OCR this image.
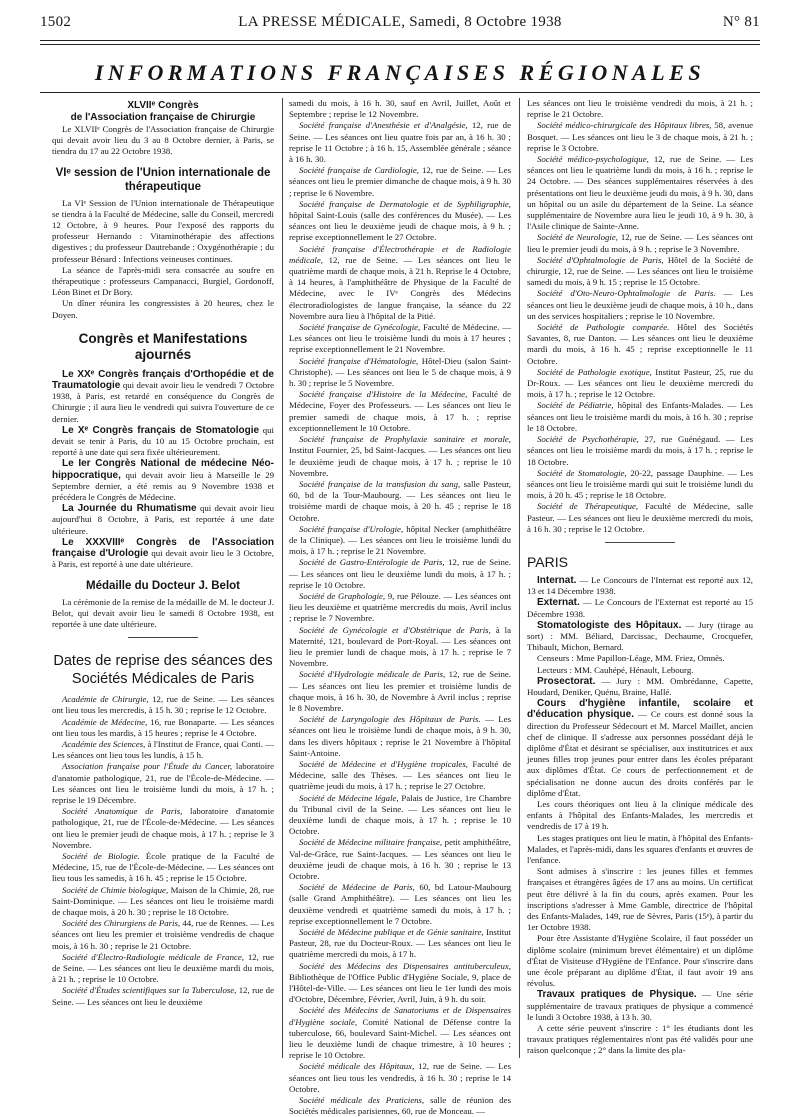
1502	LA PRESSE MÉDICALE, Samedi, 8 Octobre 1938	N° 81
INFORMATIONS FRANÇAISES RÉGIONALES
XLVIIᵉ Congrès
de l'Association française de Chirurgie

Le XLVIIᵉ Congrès de l'Association française de Chirurgie qui devait avoir lieu du 3 au 8 Octobre dernier, à Paris, se tiendra du 17 au 22 Octobre 1938.

VIᵉ session de l'Union internationale de thérapeutique

La VIᵉ Session de l'Union internationale de Thérapeutique se tiendra à la Faculté de Médecine, salle du Conseil, mercredi 12 Octobre, à 9 heures. Pour l'exposé des rapports du professeur Hernando : Vitaminothérapie des affections digestives ; du professeur Dautrebande : Oxygénothérapie ; du professeur Bénard : Infections veineuses continues.

La séance de l'après-midi sera consacrée au soufre en thérapeutique : professeurs Campanacci, Burgiel, Gordonoff, Léon Binet et Dr Bory.

Un dîner réunira les congressistes à 20 heures, chez le Doyen.

Congrès et Manifestations ajournés

Le XXᵉ Congrès français d'Orthopédie et de Traumatologie qui devait avoir lieu le vendredi 7 Octobre 1938, à Paris, est retardé en conséquence du Congrès de Chirurgie ; il aura lieu le vendredi qui suivra l'ouverture de ce dernier.

Le Xᵉ Congrès français de Stomatologie qui devait se tenir à Paris, du 10 au 15 Octobre prochain, est reporté à une date qui sera fixée ultérieurement.

Le Ier Congrès National de médecine Néo-hippocratique, qui devait avoir lieu à Marseille le 29 Septembre dernier, a été remis au 9 Novembre 1938 et précédera le Congrès de Médecine.

La Journée du Rhumatisme qui devait avoir lieu aujourd'hui 8 Octobre, à Paris, est reportée à une date ultérieure.

Le XXXVIIIᵉ Congrès de l'Association française d'Urologie qui devait avoir lieu le 3 Octobre, à Paris, est reporté à une date ultérieure.

Médaille du Docteur J. Belot

La cérémonie de la remise de la médaille de M. le docteur J. Belot, qui devait avoir lieu le samedi 8 Octobre 1938, est reportée à une date ultérieure.

Dates de reprise des séances des Sociétés Médicales de Paris

Académie de Chirurgie, 12, rue de Seine. — Les séances ont lieu tous les mercredis, à 15 h. 30 ; reprise le 12 Octobre.

Académie de Médecine, 16, rue Bonaparte. — Les séances ont lieu tous les mardis, à 15 heures ; reprise le 4 Octobre.

Académie des Sciences, à l'Institut de France, quai Conti. — Les séances ont lieu tous les lundis, à 15 h.

Association française pour l'Étude du Cancer, laboratoire d'anatomie pathologique, 21, rue de l'École-de-Médecine. — Les séances ont lieu le troisième lundi du mois, à 17 h. ; reprise le 19 Décembre.

Société Anatomique de Paris, laboratoire d'anatomie pathologique, 21, rue de l'École-de-Médecine. — Les séances ont lieu le premier jeudi de chaque mois, à 17 h. ; reprise le 3 Novembre.

Société de Biologie. École pratique de la Faculté de Médecine, 15, rue de l'École-de-Médecine. — Les séances ont lieu tous les samedis, à 16 h. 45 ; reprise le 15 Octobre.

Société de Chimie biologique, Maison de la Chimie, 28, rue Saint-Dominique. — Les séances ont lieu le troisième mardi de chaque mois, à 20 h. 30 ; reprise le 18 Octobre.

Société des Chirurgiens de Paris, 44, rue de Rennes. — Les séances ont lieu les premier et troisième vendredis de chaque mois, à 16 h. 30 ; reprise le 21 Octobre.

Société d'Électro-Radiologie médicale de France, 12, rue de Seine. — Les séances ont lieu le deuxième mardi du mois, à 21 h. ; reprise le 10 Octobre.

Société d'Études scientifiques sur la Tuberculose, 12, rue de Seine. — Les séances ont lieu le deuxième

samedi du mois, à 16 h. 30, sauf en Avril, Juillet, Août et Septembre ; reprise le 12 Novembre.

Société française d'Anesthésie et d'Analgésie, 12, rue de Seine. — Les séances ont lieu quatre fois par an, à 16 h. 30 ; reprise le 11 Octobre ; à 16 h. 15, Assemblée générale ; séance à 16 h. 30.

Société française de Cardiologie, 12, rue de Seine. — Les séances ont lieu le premier dimanche de chaque mois, à 9 h. 30 ; reprise le 6 Novembre.

Société française de Dermatologie et de Syphiligraphie, hôpital Saint-Louis (salle des conférences du Musée). — Les séances ont lieu le deuxième jeudi de chaque mois, à 9 h. ; reprise exceptionnellement le 27 Octobre.

Société française d'Électrothérapie et de Radiologie médicale, 12, rue de Seine. — Les séances ont lieu le quatrième mardi de chaque mois, à 21 h. Reprise le 4 Octobre, à 14 heures, à l'amphithéâtre de Physique de la Faculté de Médecine, avec le IVᵉ Congrès des Médecins électroradiologistes de langue française, la séance du 22 Novembre aura lieu à l'hôpital de la Pitié.

Société française de Gynécologie, Faculté de Médecine. — Les séances ont lieu le troisième lundi du mois à 17 heures ; reprise exceptionnellement le 21 Novembre.

Société française d'Hématologie, Hôtel-Dieu (salon Saint-Christophe). — Les séances ont lieu le 5 de chaque mois, à 9 h. 30 ; reprise le 5 Novembre.

Société française d'Histoire de la Médecine, Faculté de Médecine, Foyer des Professeurs. — Les séances ont lieu le premier samedi de chaque mois, à 17 h. ; reprise exceptionnellement le 10 Octobre.

Société française de Prophylaxie sanitaire et morale, Institut Fournier, 25, bd Saint-Jacques. — Les séances ont lieu le deuxième jeudi de chaque mois, à 17 h. ; reprise le 10 Novembre.

Société française de la transfusion du sang, salle Pasteur, 60, bd de la Tour-Maubourg. — Les séances ont lieu le troisième mardi de chaque mois, à 20 h. 45 ; reprise le 18 Octobre.

Société française d'Urologie, hôpital Necker (amphithéâtre de la Clinique). — Les séances ont lieu le troisième lundi du mois, à 17 h. ; reprise le 21 Novembre.

Société de Gastro-Entérologie de Paris, 12, rue de Seine. — Les séances ont lieu le deuxième lundi du mois, à 17 h. ; reprise le 10 Octobre.

Société de Graphologie, 9, rue Pélouze. — Les séances ont lieu les deuxième et quatrième mercredis du mois, Avril inclus ; reprise le 7 Novembre.

Société de Gynécologie et d'Obstétrique de Paris, à la Maternité, 121, boulevard de Port-Royal. — Les séances ont lieu le premier lundi de chaque mois, à 17 h. ; reprise le 7 Novembre.

Société d'Hydrologie médicale de Paris, 12, rue de Seine. — Les séances ont lieu les premier et troisième lundis de chaque mois, à 16 h. 30, de Novembre à Avril inclus ; reprise le 8 Novembre.

Société de Laryngologie des Hôpitaux de Paris. — Les séances ont lieu le troisième lundi de chaque mois, à 9 h. 30, dans les divers hôpitaux ; reprise le 21 Novembre à l'hôpital Saint-Antoine.

Société de Médecine et d'Hygiène tropicales, Faculté de Médecine, salle des Thèses. — Les séances ont lieu le quatrième jeudi du mois, à 17 h. ; reprise le 27 Octobre.

Société de Médecine légale, Palais de Justice, 1re Chambre du Tribunal civil de la Seine. — Les séances ont lieu le deuxième lundi de chaque mois, à 17 h. ; reprise le 10 Octobre.

Société de Médecine militaire française, petit amphithéâtre, Val-de-Grâce, rue Saint-Jacques. — Les séances ont lieu le deuxième jeudi de chaque mois, à 16 h. 30 ; reprise le 13 Octobre.

Société de Médecine de Paris, 60, bd Latour-Maubourg (salle Grand Amphithéâtre). — Les séances ont lieu les deuxième vendredi et quatrième samedi du mois, à 17 h. ; reprise exceptionnellement le 7 Octobre.

Société de Médecine publique et de Génie sanitaire, Institut Pasteur, 28, rue du Docteur-Roux. — Les séances ont lieu le quatrième mercredi du mois, à 17 h.

Société des Médecins des Dispensaires antituberculeux, Bibliothèque de l'Office Public d'Hygiène Sociale, 9, place de l'Hôtel-de-Ville. — Les séances ont lieu le 1er lundi des mois d'Octobre, Décembre, Février, Avril, Juin, à 9 h. du soir.

Société des Médecins de Sanatoriums et de Dispensaires d'Hygiène sociale, Comité National de Défense contre la tuberculose, 66, boulevard Saint-Michel. — Les séances ont lieu le deuxième lundi de chaque trimestre, à 10 heures ; reprise le 10 Octobre.

Société médicale des Hôpitaux, 12, rue de Seine. — Les séances ont lieu tous les vendredis, à 16 h. 30 ; reprise le 14 Octobre.

Société médicale des Praticiens, salle de réunion des Sociétés médicales parisiennes, 60, rue de Monceau. —

Les séances ont lieu le troisième vendredi du mois, à 21 h. ; reprise le 21 Octobre.

Société médico-chirurgicale des Hôpitaux libres, 58, avenue Bosquet. — Les séances ont lieu le 3 de chaque mois, à 21 h. ; reprise le 3 Octobre.

Société médico-psychologique, 12, rue de Seine. — Les séances ont lieu le quatrième lundi du mois, à 16 h. ; reprise le 24 Octobre. — Des séances supplémentaires réservées à des présentations ont lieu le deuxième jeudi du mois, à 9 h. 30, dans un hôpital ou un asile du département de la Seine. La séance supplémentaire de Novembre aura lieu le jeudi 10, à 9 h. 30, à l'Asile clinique de Sainte-Anne.

Société de Neurologie, 12, rue de Seine. — Les séances ont lieu le premier jeudi du mois, à 9 h. ; reprise le 3 Novembre.

Société d'Ophtalmologie de Paris, Hôtel de la Société de chirurgie, 12, rue de Seine. — Les séances ont lieu le troisième samedi du mois, à 9 h. 15 ; reprise le 15 Octobre.

Société d'Oto-Neuro-Ophtalmologie de Paris. — Les séances ont lieu le deuxième jeudi de chaque mois, à 10 h., dans un des services hospitaliers ; reprise le 10 Novembre.

Société de Pathologie comparée. Hôtel des Sociétés Savantes, 8, rue Danton. — Les séances ont lieu le deuxième mardi du mois, à 16 h. 45 ; reprise exceptionnelle le 11 Octobre.

Société de Pathologie exotique, Institut Pasteur, 25, rue du Dr-Roux. — Les séances ont lieu le deuxième mercredi du mois, à 17 h. ; reprise le 12 Octobre.

Société de Pédiatrie, hôpital des Enfants-Malades. — Les séances ont lieu le troisième mardi du mois, à 16 h. 30 ; reprise le 18 Octobre.

Société de Psychothérapie, 27, rue Guénégaud. — Les séances ont lieu le troisième mardi du mois, à 17 h. ; reprise le 18 Octobre.

Société de Stomatologie, 20-22, passage Dauphine. — Les séances ont lieu le troisième mardi qui suit le troisième lundi du mois, à 20 h. 45 ; reprise le 18 Octobre.

Société de Thérapeutique, Faculté de Médecine, salle Pasteur. — Les séances ont lieu le deuxième mercredi du mois, à 16 h. 30 ; reprise le 12 Octobre.

PARIS

Internat. — Le Concours de l'Internat est reporté aux 12, 13 et 14 Décembre 1938.

Externat. — Le Concours de l'Externat est reporté au 15 Décembre 1938.

Stomatologiste des Hôpitaux. — Jury (tirage au sort) : MM. Béliard, Darcissac, Dechaume, Crocquefer, Thibault, Michon, Bernard.

Censeurs : Mme Papillon-Léage, MM. Friez, Omnès.

Lecteurs : MM. Cauhépé, Hénault, Lebourg.

Prosectorat. — Jury : MM. Ombrédanne, Capette, Houdard, Deniker, Quénu, Braine, Hallé.

Cours d'hygiène infantile, scolaire et d'éducation physique. — Ce cours est donné sous la direction du Professeur Sédecourt et M. Marcel Maillet, ancien chef de clinique. Il s'adresse aux personnes possédant déjà le diplôme d'État et désirant se spécialiser, aux institutrices et aux jeunes filles trop jeunes pour entrer dans les écoles préparant aux diplômes d'État. Ce cours de perfectionnement et de spécialisation ne donne aucun des droits conférés par le diplôme d'État.

Les cours théoriques ont lieu à la clinique médicale des enfants à l'hôpital des Enfants-Malades, les mercredis et vendredis de 17 à 19 h.

Les stages pratiques ont lieu le matin, à l'hôpital des Enfants-Malades, et l'après-midi, dans les squares d'enfants et œuvres de l'enfance.

Sont admises à s'inscrire : les jeunes filles et femmes françaises et étrangères âgées de 17 ans au moins. Un certificat peut être délivré à la fin du cours, après examen. Pour les inscriptions s'adresser à Mme Gamble, directrice de l'hôpital des Enfants-Malades, 149, rue de Sèvres, Paris (15ᵉ), à partir du 1er Octobre 1938.

Pour être Assistante d'Hygiène Scolaire, il faut posséder un diplôme scolaire (minimum brevet élémentaire) et un diplôme d'État de Visiteuse d'Hygiène de l'Enfance. Pour s'inscrire dans une école préparant au diplôme d'État, il faut avoir 19 ans révolus.

Travaux pratiques de Physique. — Une série supplémentaire de travaux pratiques de physique a commencé le lundi 3 Octobre 1938, à 13 h. 30.

A cette série peuvent s'inscrire : 1° les étudiants dont les travaux pratiques réglementaires n'ont pas été validés pour une raison quelconque ; 2° dans la limite des pla-
